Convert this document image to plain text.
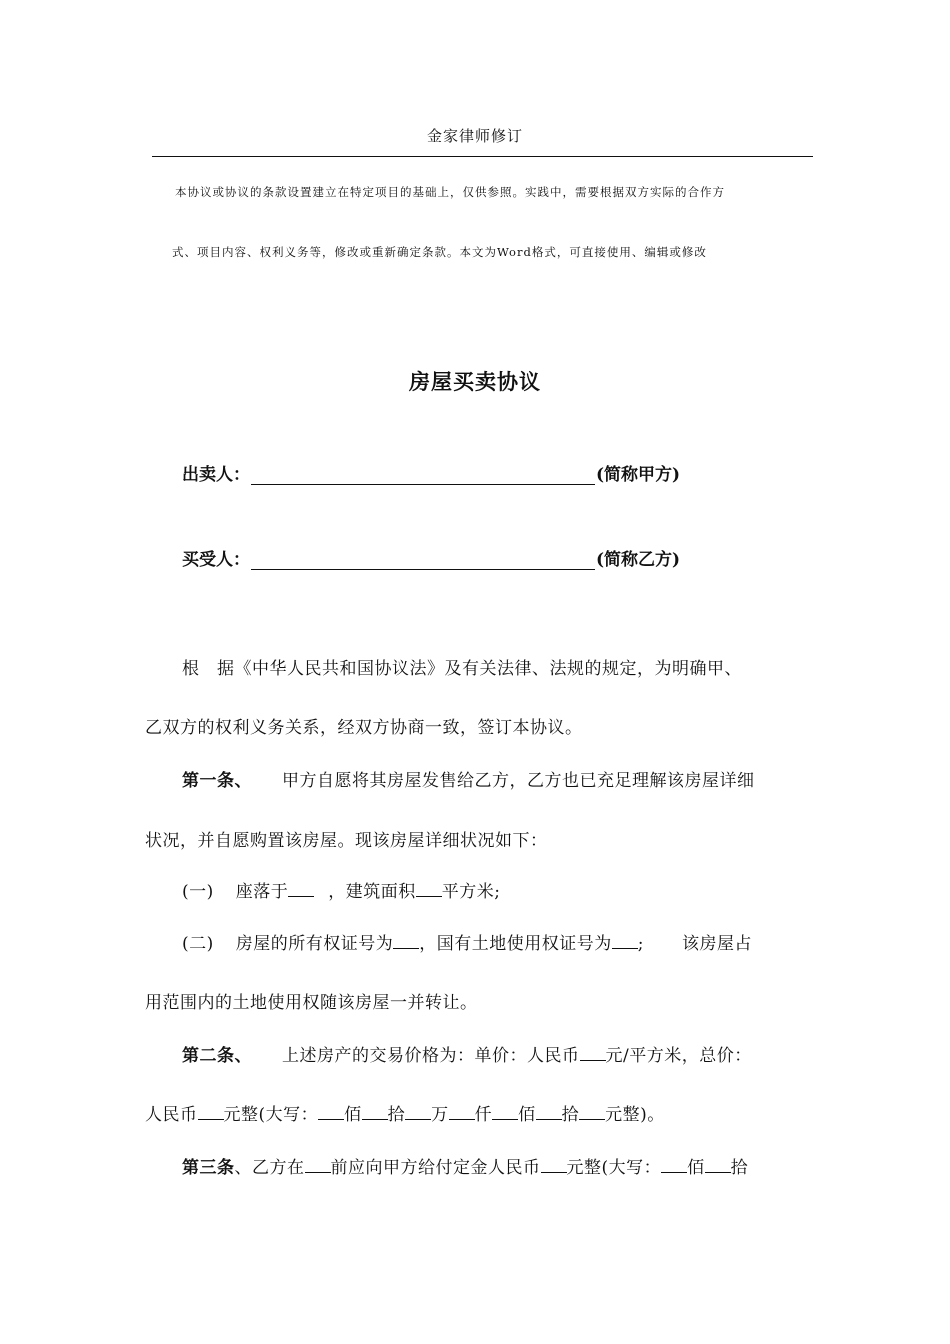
金家律师修订
本协议或协议的条款设置建立在特定项目的基础上，仅供参照。实践中，需要根据双方实际的合作方
式、项目内容、权利义务等，修改或重新确定条款。本文为Word格式，可直接使用、编辑或修改
房屋买卖协议
出卖人：	(简称甲方)
买受人：	(简称乙方)
根　据《中华人民共和国协议法》及有关法律、法规的规定，为明确甲、
乙双方的权利义务关系，经双方协商一致，签订本协议。
第一条、 甲方自愿将其房屋发售给乙方，乙方也已充足理解该房屋详细
状况，并自愿购置该房屋。现该房屋详细状况如下：
(一) 座落于 ，建筑面积 平方米;
(二) 房屋的所有权证号为 ，国有土地使用权证号为 ; 该房屋占
用范围内的土地使用权随该房屋一并转让。
第二条、 上述房产的交易价格为：单价：人民币 元/平方米，总价：
人民币 元整(大写： 佰 拾 万 仟 佰 拾 元整)。
第三条、乙方在 前应向甲方给付定金人民币 元整(大写： 佰 拾
